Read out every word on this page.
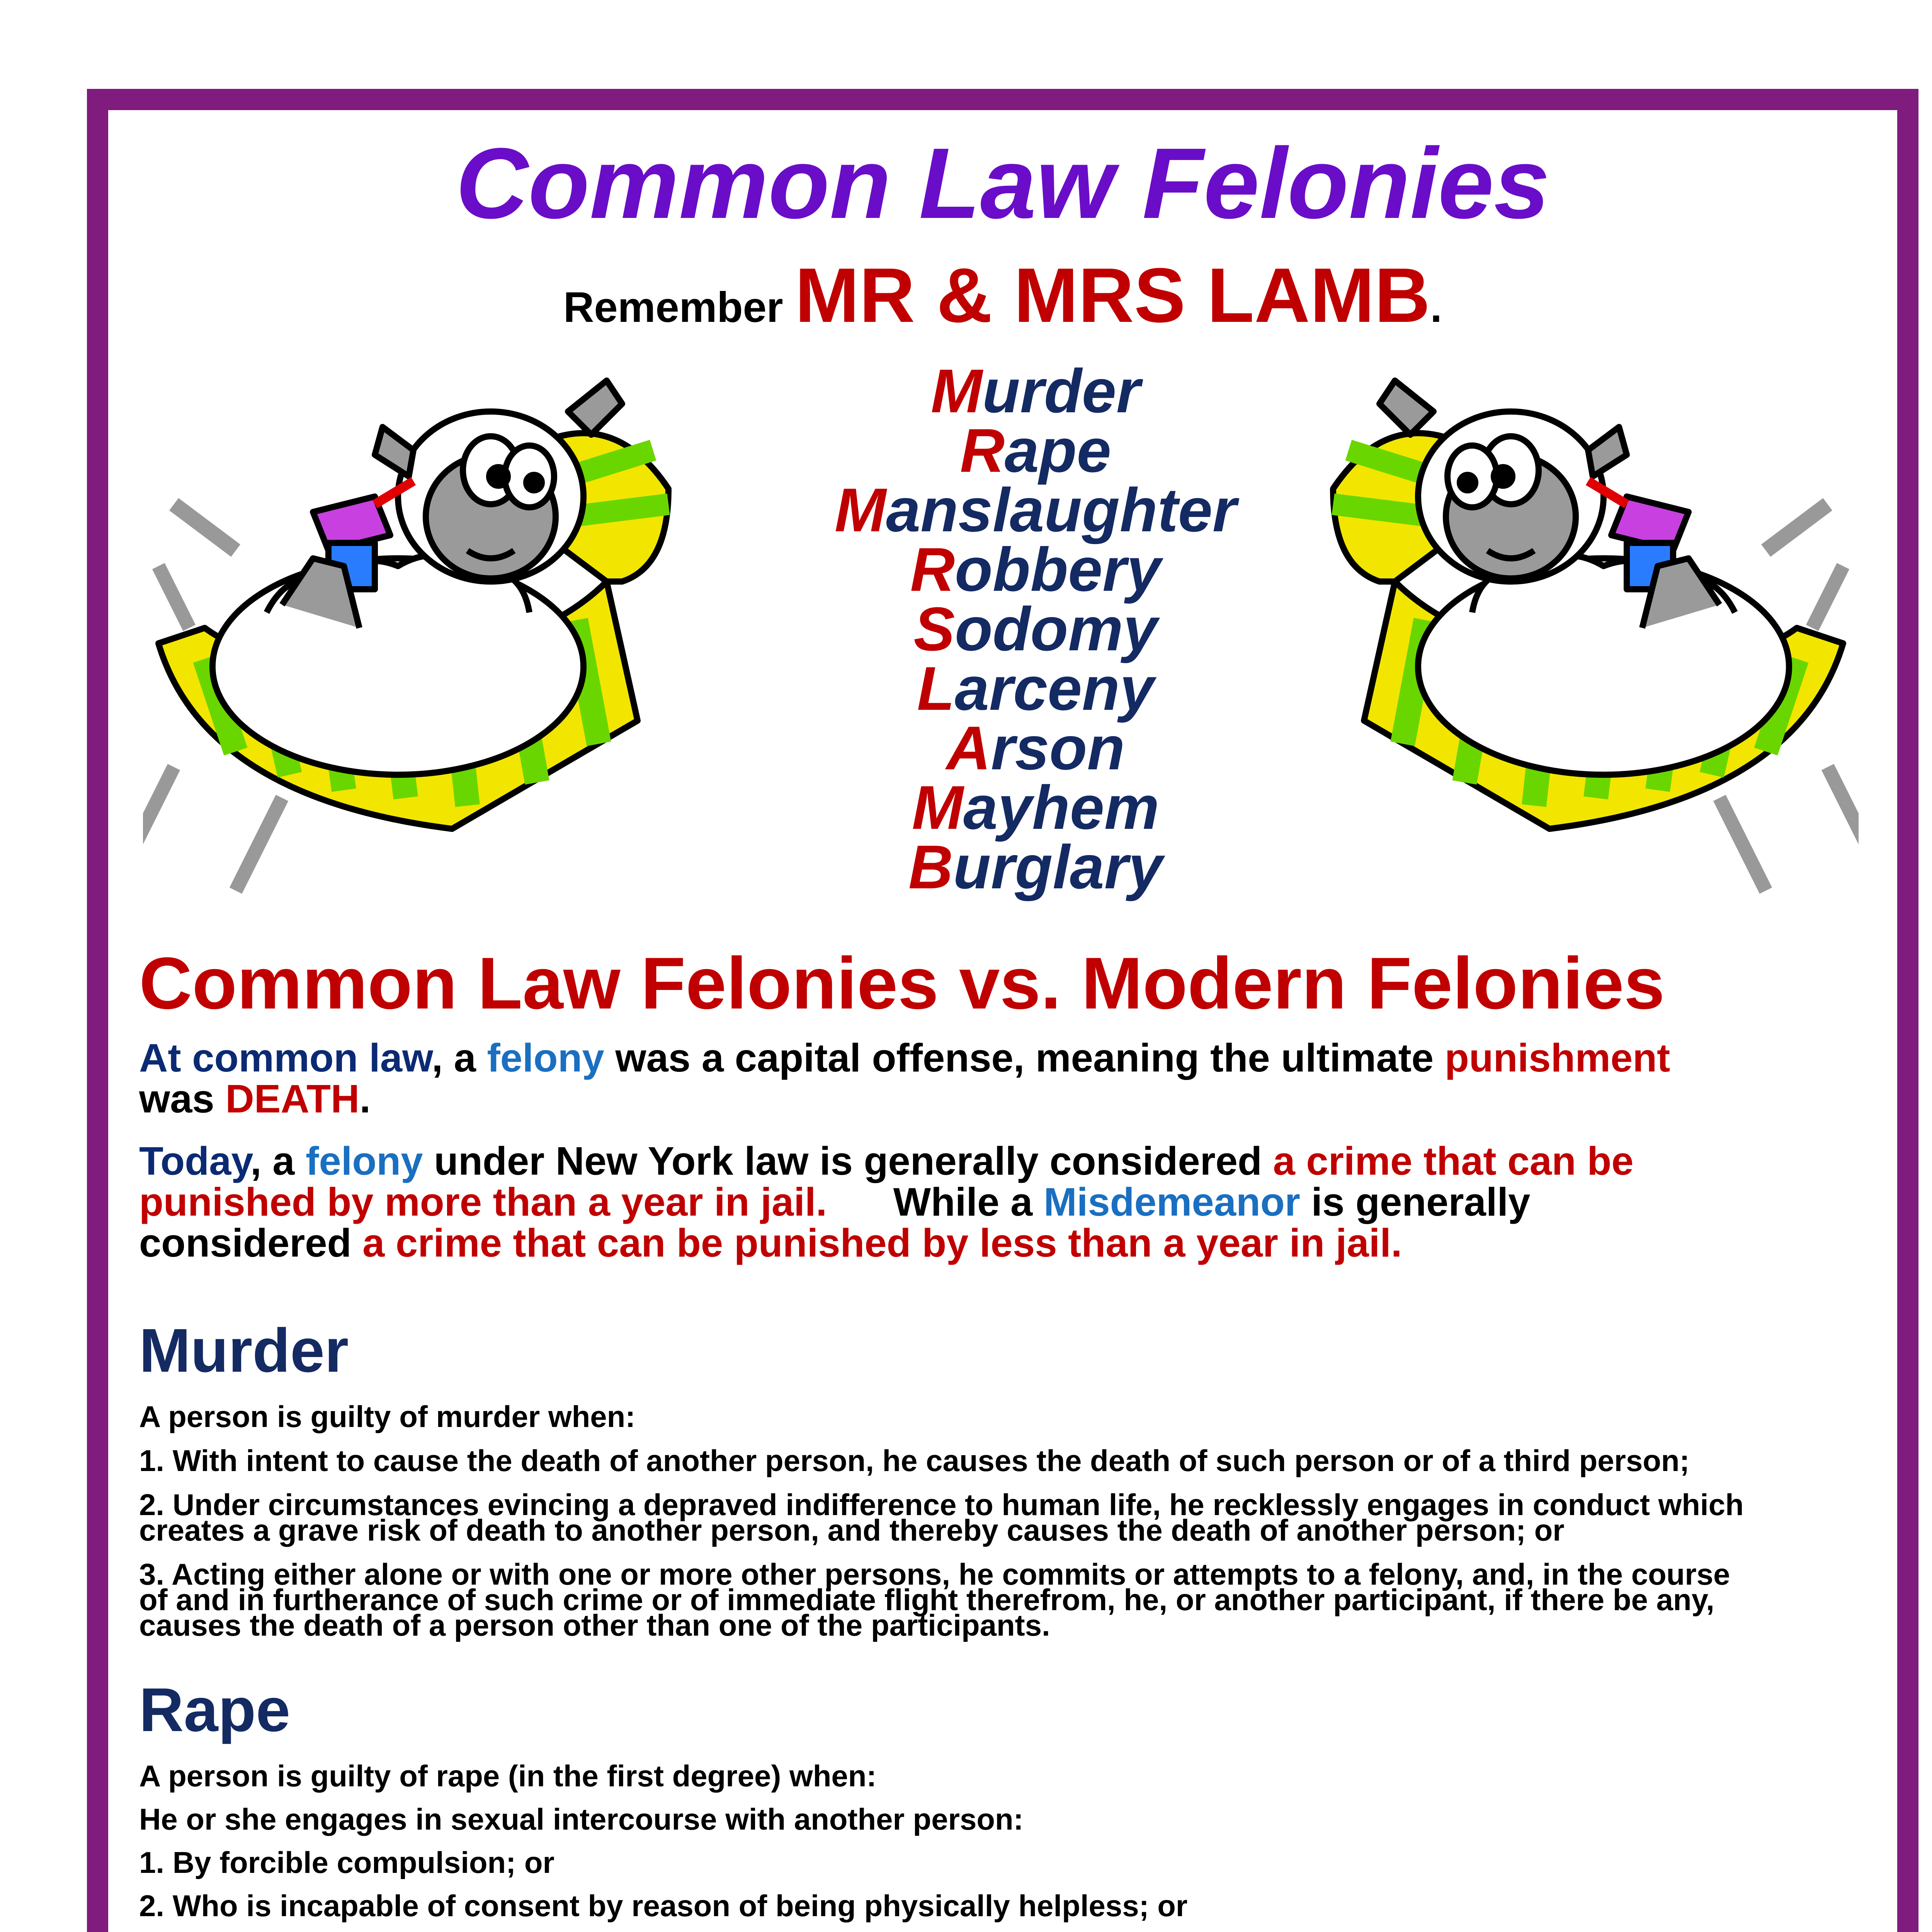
Common Law Felonies
Remember MR & MRS LAMB.
Murder
Rape
Manslaughter
Robbery
Sodomy
Larceny
Arson
Mayhem
Burglary
Common Law Felonies vs. Modern Felonies
At common law, a felony was a capital offense, meaning the ultimate punishment
was DEATH.
Today, a felony under New York law is generally considered a crime that can be
punished by more than a year in jail. While a Misdemeanor is generally
considered a crime that can be punished by less than a year in jail.
Murder
A person is guilty of murder when:
1. With intent to cause the death of another person, he causes the death of such person or of a third person;
2. Under circumstances evincing a depraved indifference to human life, he recklessly engages in conduct which
creates a grave risk of death to another person, and thereby causes the death of another person; or
3. Acting either alone or with one or more other persons, he commits or attempts to a felony, and, in the course
of and in furtherance of such crime or of immediate flight therefrom, he, or another participant, if there be any,
causes the death of a person other than one of the participants.
Rape
A person is guilty of rape (in the first degree) when:
He or she engages in sexual intercourse with another person:
1. By forcible compulsion; or
2. Who is incapable of consent by reason of being physically helpless; or
